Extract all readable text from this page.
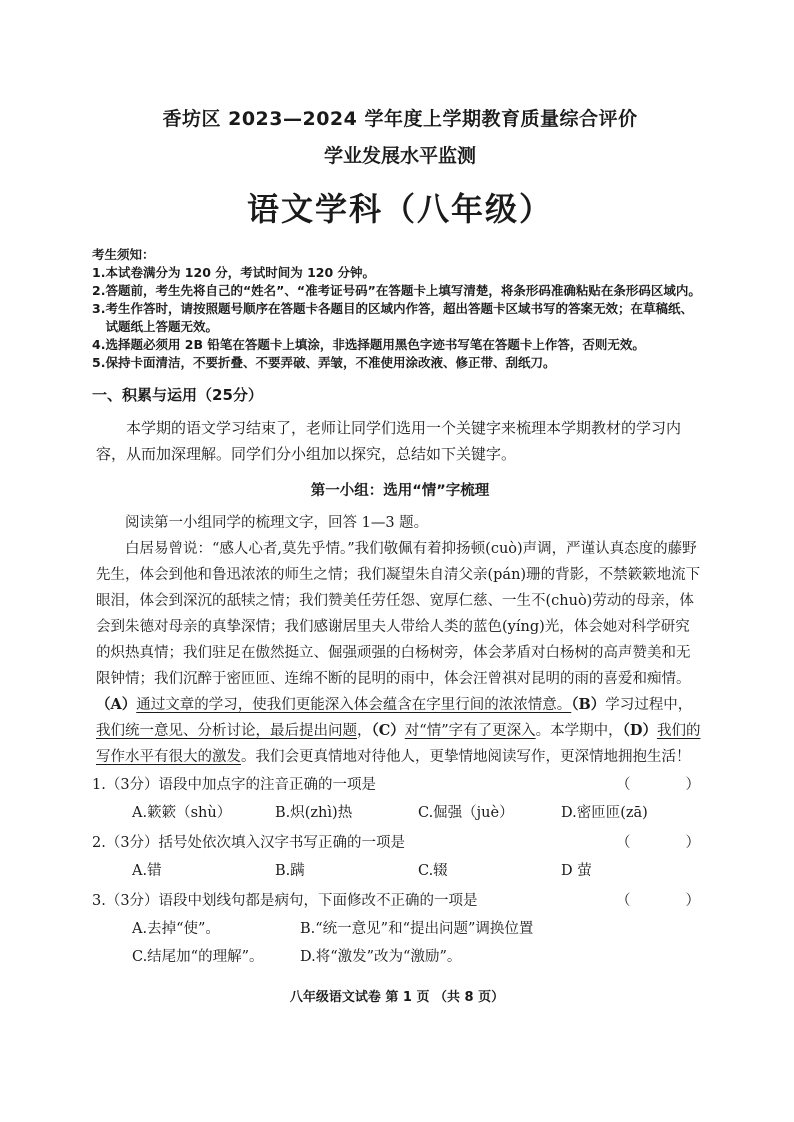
香坊区 2023—2024 学年度上学期教育质量综合评价
学业发展水平监测
语文学科（八年级）
考生须知：
1. 本试卷满分为 120 分，考试时间为 120 分钟。
2. 答题前，考生先将自己的“姓名”、“准考证号码”在答题卡上填写清楚，将条形码准确粘贴在条形码区域内。
3. 考生作答时，请按照题号顺序在答题卡各题目的区域内作答，超出答题卡区域书写的答案无效；在草稿纸、试题纸上答题无效。
4. 选择题必须用 2B 铅笔在答题卡上填涂，非选择题用黑色字迹书写笔在答题卡上作答，否则无效。
5. 保持卡面清洁，不要折叠、不要弄破、弄皱，不准使用涂改液、修正带、刮纸刀。
一、积累与运用（25分）

本学期的语文学习结束了，老师让同学们选用一个关键字来梳理本学期教材的学习内容，从而加深理解。同学们分小组加以探究，总结如下关键字。

第一小组：选用“情”字梳理

阅读第一小组同学的梳理文字，回答 1—3 题。

白居易曾说：“感人心者,莫先乎情。”我们敬佩有着抑扬顿(cuò)声调，严谨认真态度的藤野先生，体会到他和鲁迅浓浓的师生之情；我们凝望朱自清父亲(pán)珊的背影，不禁簌簌地流下眼泪，体会到深沉的舐犊之情；我们赞美任劳任怨、宽厚仁慈、一生不(chuò)劳动的母亲，体会到朱德对母亲的真挚深情；我们感谢居里夫人带给人类的蓝色(yíng)光，体会她对科学研究的炽热真情；我们驻足在傲然挺立、倔强顽强的白杨树旁，体会茅盾对白杨树的高声赞美和无限钟情；我们沉醉于密匝匝、连绵不断的昆明的雨中，体会汪曾祺对昆明的雨的喜爱和痴情。（A）通过文章的学习，使我们更能深入体会蕴含在字里行间的浓浓情意。（B）学习过程中，我们统一意见、分析讨论，最后提出问题，（C）对“情”字有了更深入。本学期中，（D）我们的写作水平有很大的激发。我们会更真情地对待他人，更挚情地阅读写作，更深情地拥抱生活！

1.（3分）语段中加点字的注音正确的一项是	（	）
A.簌簌（shù）	B.炽(zhì)热	C.倔强（juè）	D.密匝匝(zā)
2.（3分）括号处依次填入汉字书写正确的一项是	（	）
A.错	B.蹒	C.辍	D 萤
3.（3分）语段中划线句都是病句，下面修改不正确的一项是	（	）
A.去掉“使”。	B.“统一意见”和“提出问题”调换位置
C.结尾加“的理解”。	D.将“激发”改为“激励”。
八年级语文试卷 第 1 页 （共 8 页）
